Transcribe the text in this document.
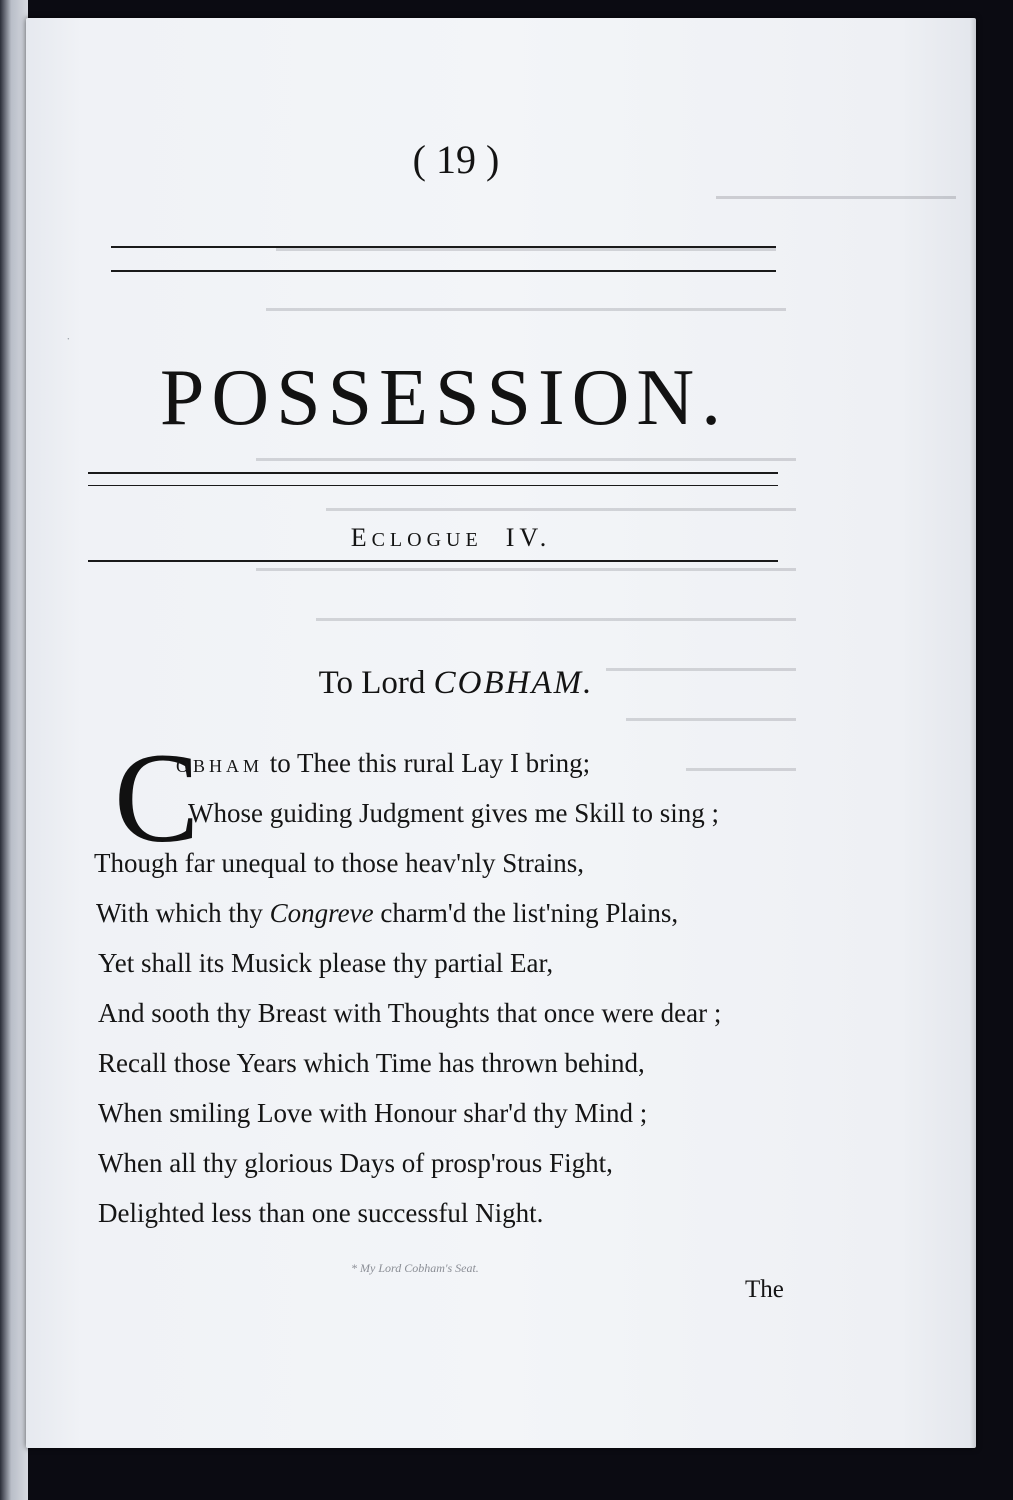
˙
( 19 )
POSSESSION.
ECLOGUE IV.
To Lord COBHAM.
C
OBHAM to Thee this rural Lay I bring;
Whose guiding Judgment gives me Skill to sing ;
Though far unequal to those heav'nly Strains,
With which thy Congreve charm'd the list'ning Plains,
Yet shall its Musick please thy partial Ear,
And sooth thy Breast with Thoughts that once were dear ;
Recall those Years which Time has thrown behind,
When smiling Love with Honour shar'd thy Mind ;
When all thy glorious Days of prosp'rous Fight,
Delighted less than one successful Night.
* My Lord Cobham's Seat.
The
